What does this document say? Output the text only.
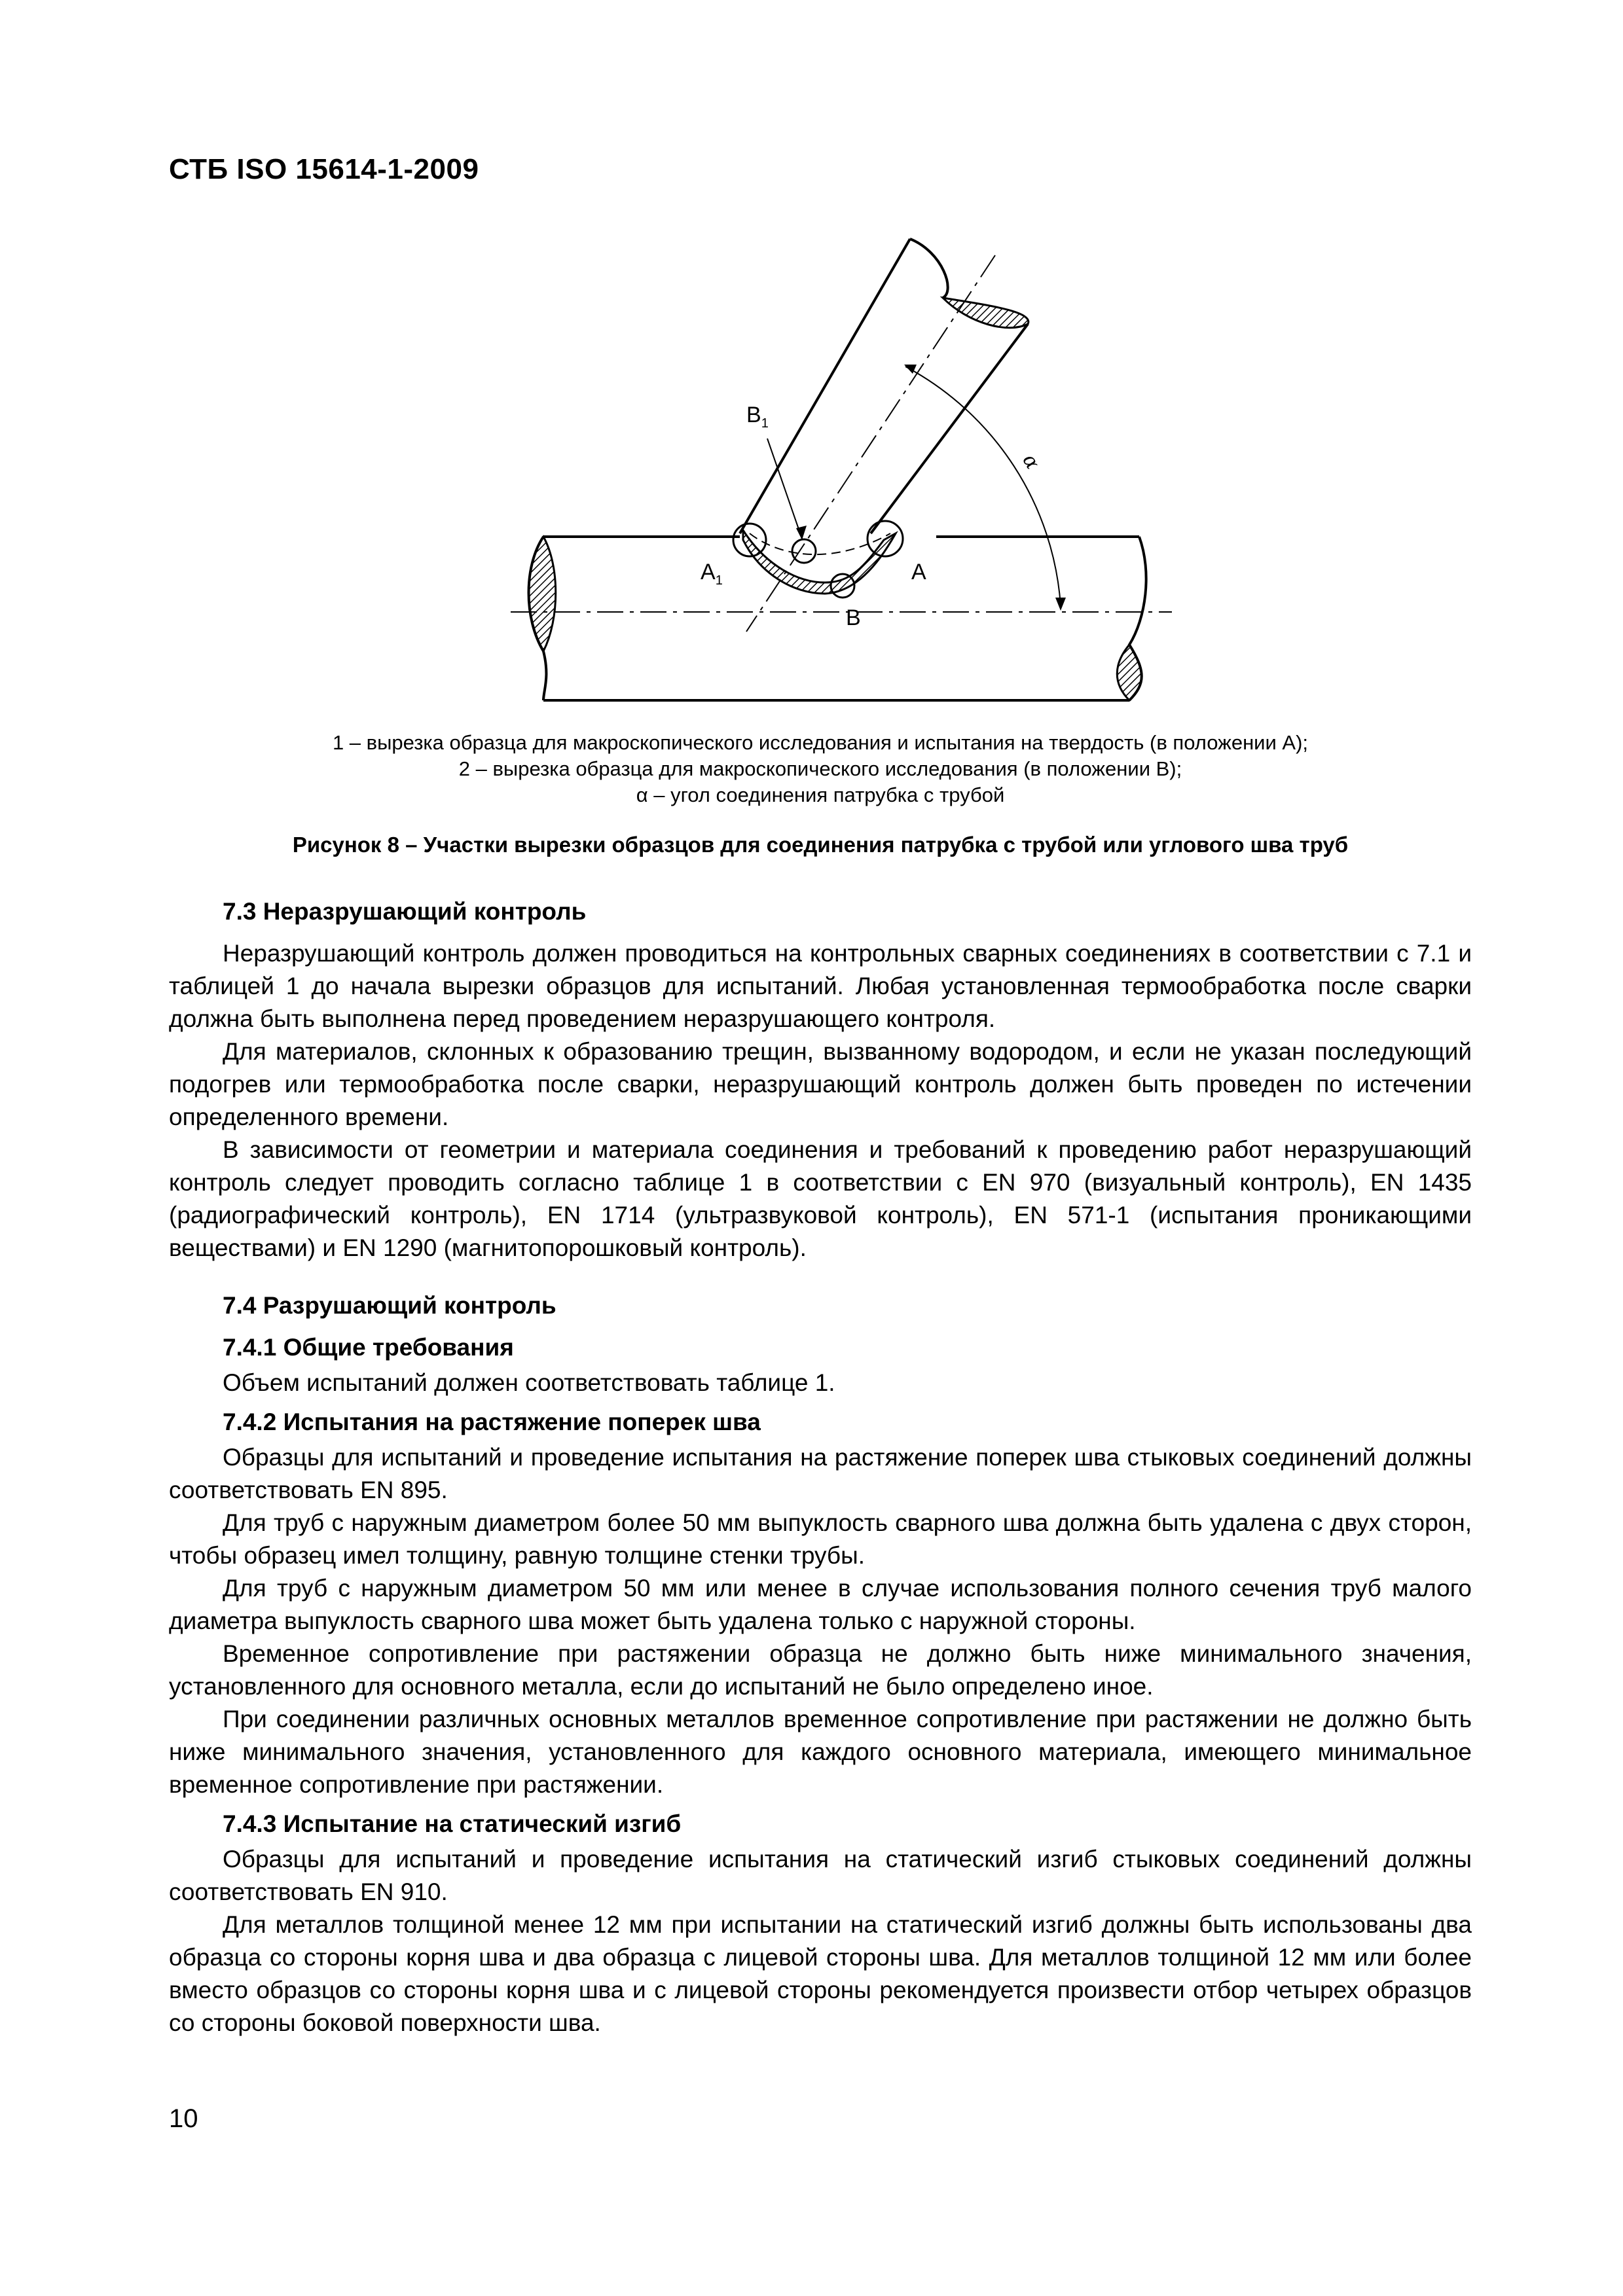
СТБ ISO 15614-1-2009
$B_1$
$A_1$	A
B
α
1 – вырезка образца для макроскопического исследования и испытания на твердость (в положении А);
2 – вырезка образца для макроскопического исследования (в положении В);
α – угол соединения патрубка с трубой
Рисунок 8 – Участки вырезки образцов для соединения патрубка с трубой или углового шва труб
7.3 Неразрушающий контроль

Неразрушающий контроль должен проводиться на контрольных сварных соединениях в соответствии с 7.1 и таблицей 1 до начала вырезки образцов для испытаний. Любая установленная термообработка после сварки должна быть выполнена перед проведением неразрушающего контроля.

Для материалов, склонных к образованию трещин, вызванному водородом, и если не указан последующий подогрев или термообработка после сварки, неразрушающий контроль должен быть проведен по истечении определенного времени.

В зависимости от геометрии и материала соединения и требований к проведению работ неразрушающий контроль следует проводить согласно таблице 1 в соответствии с EN 970 (визуальный контроль), EN 1435 (радиографический контроль), EN 1714 (ультразвуковой контроль), EN 571-1 (испытания проникающими веществами) и EN 1290 (магнитопорошковый контроль).

7.4 Разрушающий контроль
7.4.1 Общие требования

Объем испытаний должен соответствовать таблице 1.

7.4.2 Испытания на растяжение поперек шва

Образцы для испытаний и проведение испытания на растяжение поперек шва стыковых соединений должны соответствовать EN 895.

Для труб с наружным диаметром более 50 мм выпуклость сварного шва должна быть удалена с двух сторон, чтобы образец имел толщину, равную толщине стенки трубы.

Для труб с наружным диаметром 50 мм или менее в случае использования полного сечения труб малого диаметра выпуклость сварного шва может быть удалена только с наружной стороны.

Временное сопротивление при растяжении образца не должно быть ниже минимального значения, установленного для основного металла, если до испытаний не было определено иное.

При соединении различных основных металлов временное сопротивление при растяжении не должно быть ниже минимального значения, установленного для каждого основного материала, имеющего минимальное временное сопротивление при растяжении.

7.4.3 Испытание на статический изгиб

Образцы для испытаний и проведение испытания на статический изгиб стыковых соединений должны соответствовать EN 910.

Для металлов толщиной менее 12 мм при испытании на статический изгиб должны быть использованы два образца со стороны корня шва и два образца с лицевой стороны шва. Для металлов толщиной 12 мм или более вместо образцов со стороны корня шва и с лицевой стороны рекомендуется произвести отбор четырех образцов со стороны боковой поверхности шва.

10
